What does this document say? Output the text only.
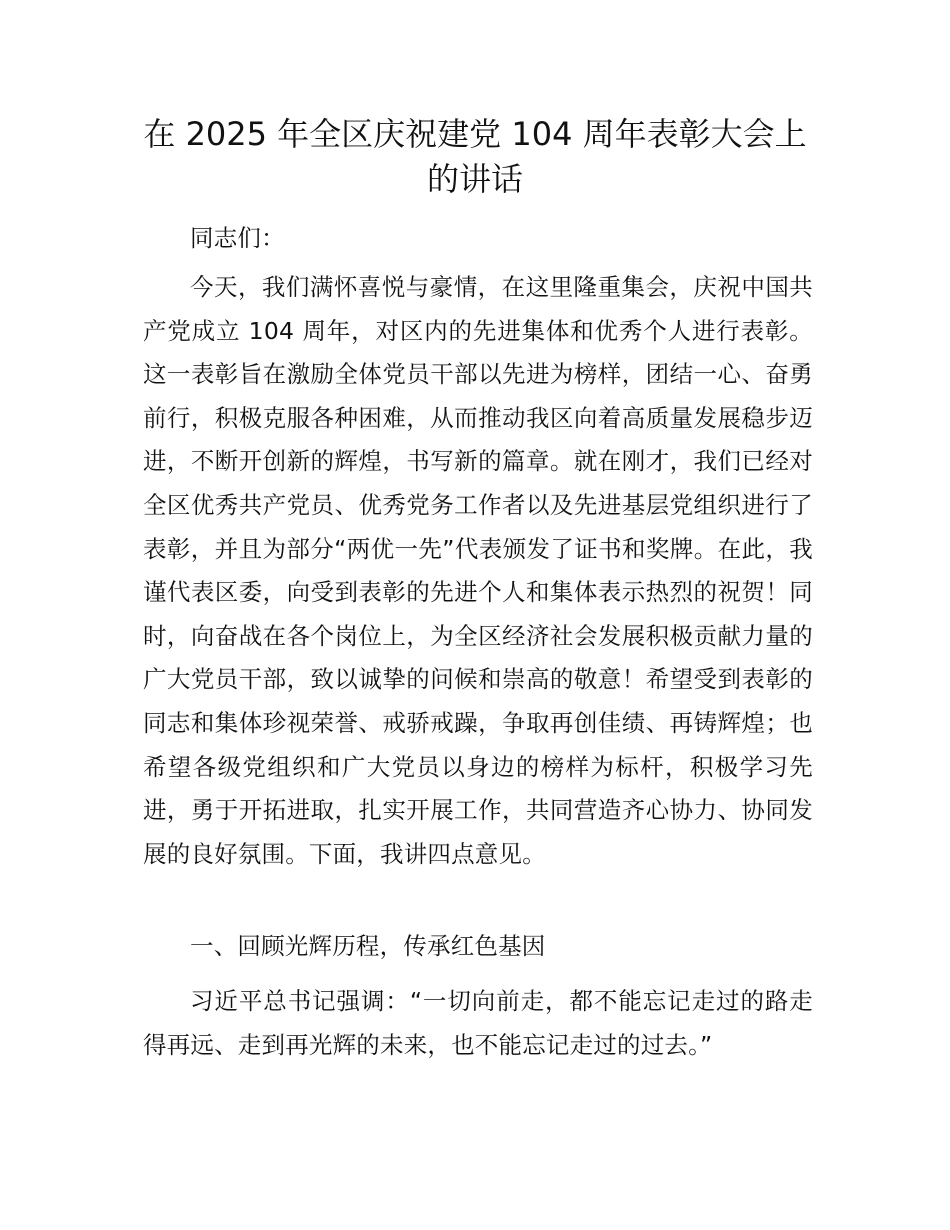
在 2025 年全区庆祝建党 104 周年表彰大会上的讲话

同志们：

今天，我们满怀喜悦与豪情，在这里隆重集会，庆祝中国共产党成立 104 周年，对区内的先进集体和优秀个人进行表彰。这一表彰旨在激励全体党员干部以先进为榜样，团结一心、奋勇前行，积极克服各种困难，从而推动我区向着高质量发展稳步迈进，不断开创新的辉煌，书写新的篇章。就在刚才，我们已经对全区优秀共产党员、优秀党务工作者以及先进基层党组织进行了表彰，并且为部分“两优一先”代表颁发了证书和奖牌。在此，我谨代表区委，向受到表彰的先进个人和集体表示热烈的祝贺！同时，向奋战在各个岗位上，为全区经济社会发展积极贡献力量的广大党员干部，致以诚挚的问候和崇高的敬意！希望受到表彰的同志和集体珍视荣誉、戒骄戒躁，争取再创佳绩、再铸辉煌；也希望各级党组织和广大党员以身边的榜样为标杆，积极学习先进，勇于开拓进取，扎实开展工作，共同营造齐心协力、协同发展的良好氛围。下面，我讲四点意见。

一、回顾光辉历程，传承红色基因

习近平总书记强调：“一切向前走，都不能忘记走过的路走得再远、走到再光辉的未来，也不能忘记走过的过去。”
